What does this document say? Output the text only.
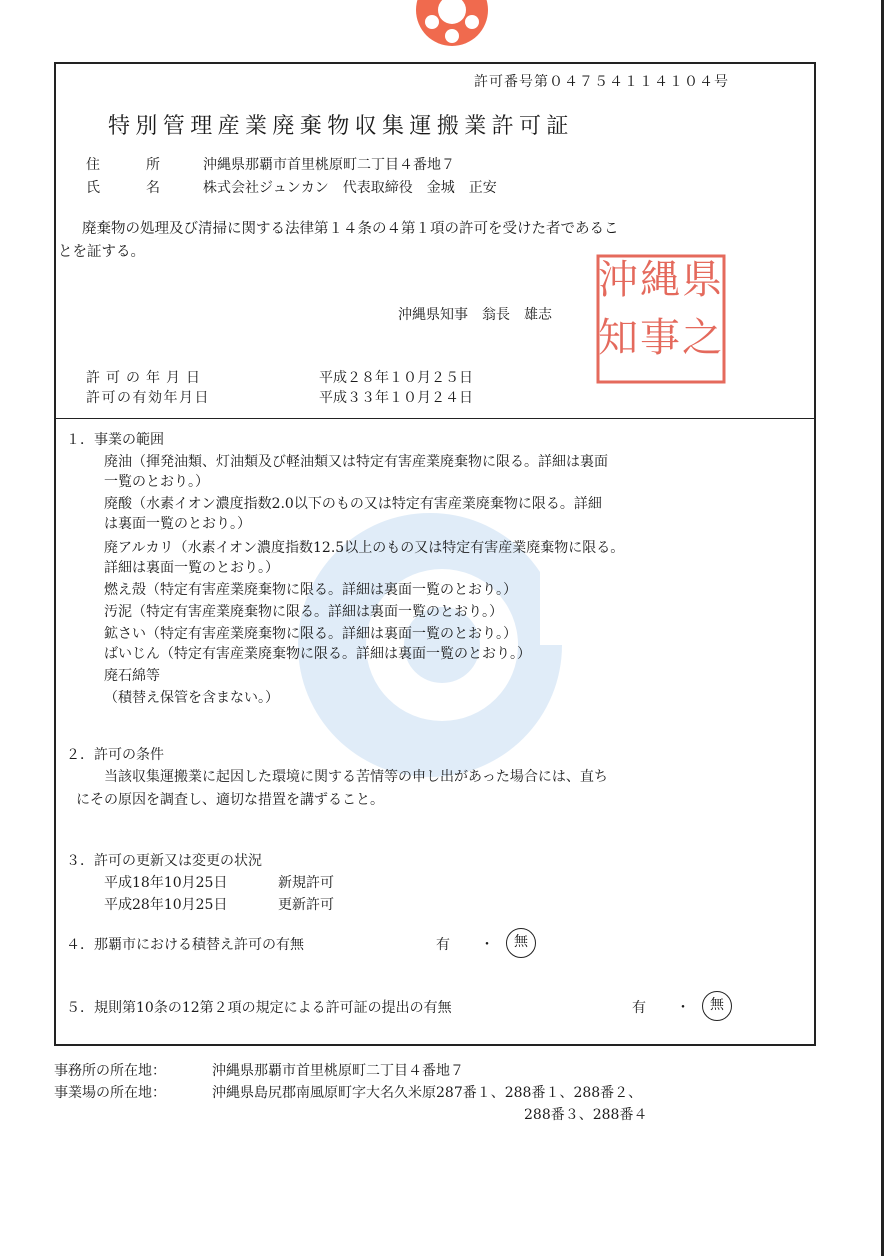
許可番号第０４７５４１１４１０４号
特別管理産業廃棄物収集運搬業許可証
住　所 沖縄県那覇市首里桃原町二丁目４番地７
氏　名 株式会社ジュンカン　代表取締役　金城　正安
廃棄物の処理及び清掃に関する法律第１４条の４第１項の許可を受けた者であるこ
とを証する。
沖縄県知事　翁長　雄志
沖 縄 県
知 事 之
許可の年月日	平成２８年１０月２５日
許可の有効年月日	平成３３年１０月２４日
１．事業の範囲
廃油（揮発油類、灯油類及び軽油類又は特定有害産業廃棄物に限る。詳細は裏面
一覧のとおり。）
廃酸（水素イオン濃度指数2.0以下のもの又は特定有害産業廃棄物に限る。詳細
は裏面一覧のとおり。）
廃アルカリ（水素イオン濃度指数12.5以上のもの又は特定有害産業廃棄物に限る。
詳細は裏面一覧のとおり。）
燃え殻（特定有害産業廃棄物に限る。詳細は裏面一覧のとおり。）
汚泥（特定有害産業廃棄物に限る。詳細は裏面一覧のとおり。）
鉱さい（特定有害産業廃棄物に限る。詳細は裏面一覧のとおり。）
ばいじん（特定有害産業廃棄物に限る。詳細は裏面一覧のとおり。）
廃石綿等
（積替え保管を含まない。）
２．許可の条件
当該収集運搬業に起因した環境に関する苦情等の申し出があった場合には、直ち
にその原因を調査し、適切な措置を講ずること。
３．許可の更新又は変更の状況
平成18年10月25日	新規許可
平成28年10月25日	更新許可
４．那覇市における積替え許可の有無	有 ・	無
５．規則第10条の12第２項の規定による許可証の提出の有無	有 ・	無
事務所の所在地：	沖縄県那覇市首里桃原町二丁目４番地７
事業場の所在地：	沖縄県島尻郡南風原町字大名久米原287番１、288番１、288番２、
288番３、288番４
